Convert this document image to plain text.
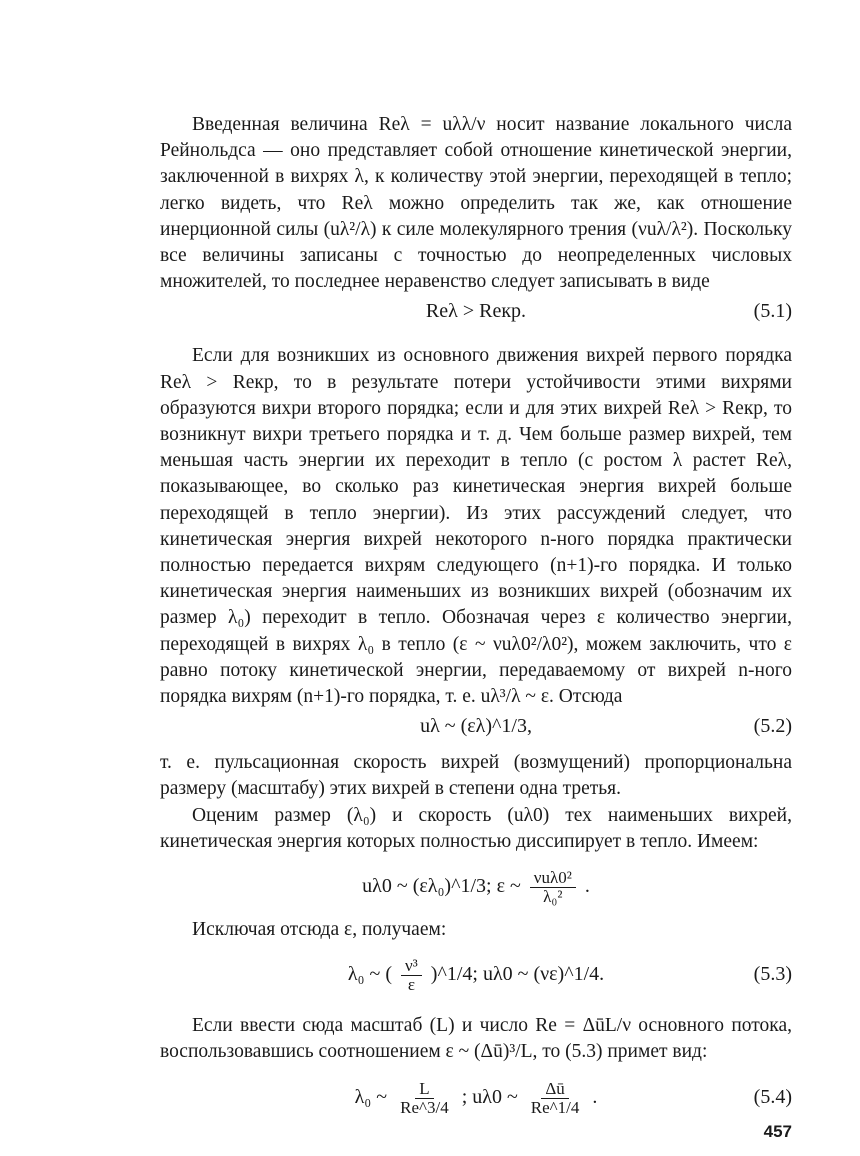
Введенная величина Reλ = uλλ/ν носит название локального числа Рейнольдса — оно представляет собой отношение кинетической энергии, заключенной в вихрях λ, к количеству этой энергии, переходящей в тепло; легко видеть, что Reλ можно определить так же, как отношение инерционной силы (uλ²/λ) к силе молекулярного трения (νuλ/λ²). Поскольку все величины записаны с точностью до неопределенных числовых множителей, то последнее неравенство следует записывать в виде

Reλ > Reкр.	(5.1)

Если для возникших из основного движения вихрей первого порядка Reλ > Reкр, то в результате потери устойчивости этими вихрями образуются вихри второго порядка; если и для этих вихрей Reλ > Reкр, то возникнут вихри третьего порядка и т. д. Чем больше размер вихрей, тем меньшая часть энергии их переходит в тепло (с ростом λ растет Reλ, показывающее, во сколько раз кинетическая энергия вихрей больше переходящей в тепло энергии). Из этих рассуждений следует, что кинетическая энергия вихрей некоторого n-ного порядка практически полностью передается вихрям следующего (n+1)-го порядка. И только кинетическая энергия наименьших из возникших вихрей (обозначим их размер λ₀) переходит в тепло. Обозначая через ε количество энергии, переходящей в вихрях λ₀ в тепло (ε ~ νuλ0²/λ0²), можем заключить, что ε равно потоку кинетической энергии, передаваемому от вихрей n-ного порядка вихрям (n+1)-го порядка, т. е. uλ³/λ ~ ε. Отсюда

uλ ~ (ελ)^1/3,	(5.2)

т. е. пульсационная скорость вихрей (возмущений) пропорциональна размеру (масштабу) этих вихрей в степени одна третья.

Оценим размер (λ₀) и скорость (uλ0) тех наименьших вихрей, кинетическая энергия которых полностью диссипирует в тепло. Имеем:

uλ0 ~ (ελ₀)^1/3; ε ~ $\frac{\text{νuλ0²}}{\text{λ₀²}}$ .

Исключая отсюда ε, получаем:

λ₀ ~ ( $\frac{\text{ν³}}{\varepsilon}$ )^1/4; uλ0 ~ (νε)^1/4.	(5.3)

Если ввести сюда масштаб (L) и число Re = ΔūL/ν основного потока, воспользовавшись соотношением ε ~ (Δū)³/L, то (5.3) примет вид:

λ₀ ~ $\frac{L}{Re\^{}3/4}$ ; uλ0 ~ $\frac{\Delta ū}{Re\^{}1/4}$ .	(5.4)
457
